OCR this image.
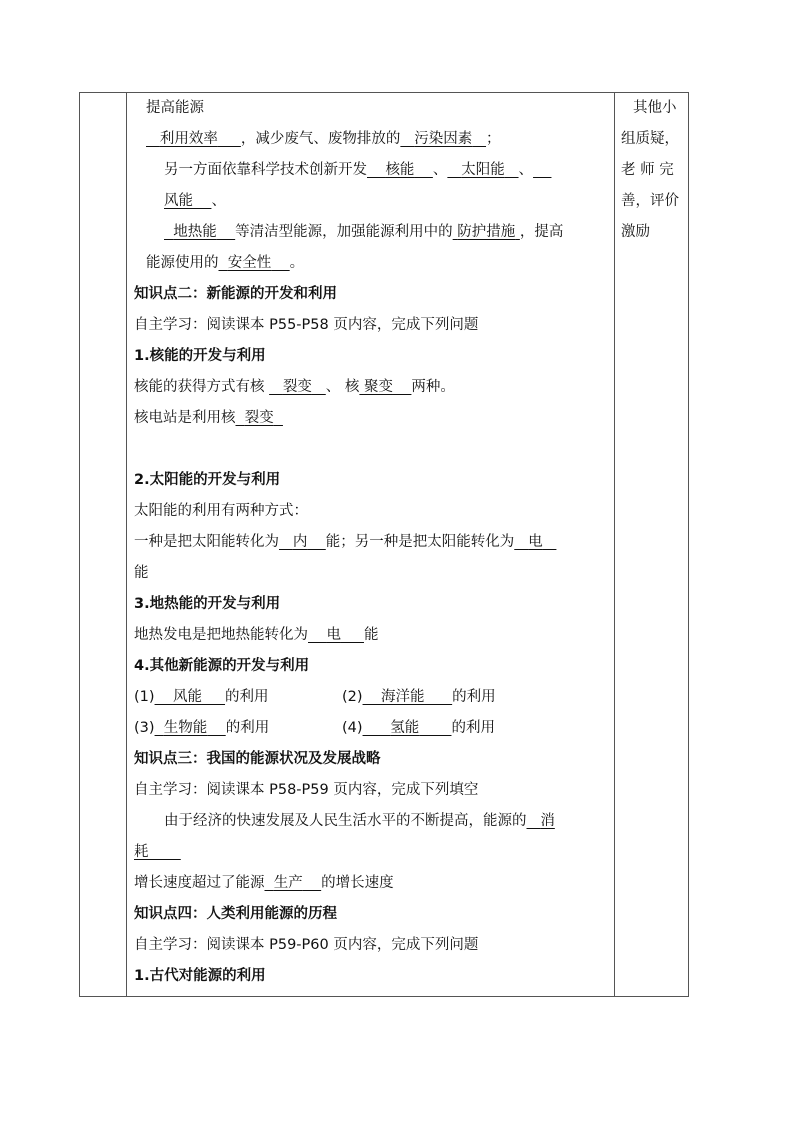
提高能源
利用效率 ，减少废气、废物排放的 污染因素 ；
另一方面依靠科学技术创新开发 核能 、 太阳能 、
风能 、
地热能 等清洁型能源，加强能源利用中的 防护措施 ，提高
能源使用的 安全性 。
知识点二：新能源的开发和利用
自主学习：阅读课本 P55-P58 页内容，完成下列问题
1.核能的开发与利用
核能的获得方式有核 裂变 、 核 聚变 两种。
核电站是利用核 裂变
2.太阳能的开发与利用
太阳能的利用有两种方式：
一种是把太阳能转化为 内 能；另一种是把太阳能转化为 电
能
3.地热能的开发与利用
地热发电是把地热能转化为 电 能
4.其他新能源的开发与利用
(1) 风能 的利用	(2) 海洋能 的利用
(3) 生物能 的利用	(4) 氢能 的利用
知识点三：我国的能源状况及发展战略
自主学习：阅读课本 P58-P59 页内容，完成下列填空
由于经济的快速发展及人民生活水平的不断提高，能源的 消
耗
增长速度超过了能源 生产 的增长速度
知识点四：人类利用能源的历程
自主学习：阅读课本 P59-P60 页内容，完成下列问题
1.古代对能源的利用
其他小
组质疑，
老 师 完
善，评价
激励
